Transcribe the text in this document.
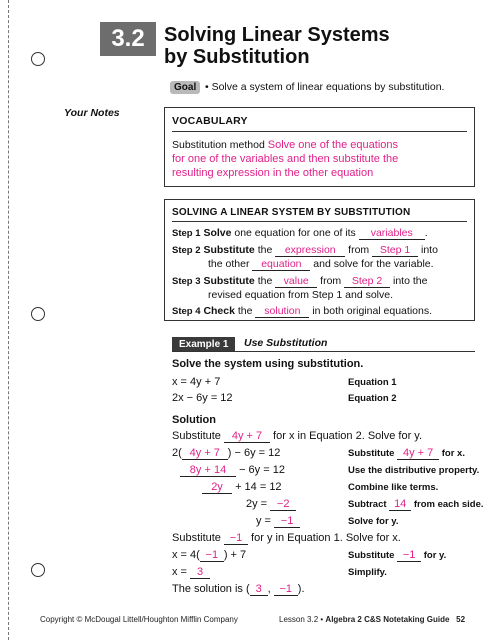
3.2 Solving Linear Systems
by Substitution
Goal • Solve a system of linear equations by substitution.
Your Notes
VOCABULARY
Substitution method Solve one of the equations
for one of the variables and then substitute the
resulting expression in the other equation
SOLVING A LINEAR SYSTEM BY SUBSTITUTION
Step 1 Solve one equation for one of its variables .
Step 2 Substitute the expression from Step 1 into
the other equation and solve for the variable.
Step 3 Substitute the value from Step 2 into the
revised equation from Step 1 and solve.
Step 4 Check the solution in both original equations.
Example 1	Use Substitution
Solve the system using substitution.
x = 4y + 7	Equation 1
2x − 6y = 12	Equation 2
Solution
Substitute 4y + 7 for x in Equation 2. Solve for y.
2( 4y + 7 ) − 6y = 12	Substitute 4y + 7 for x.
8y + 14 − 6y = 12	Use the distributive property.
2y + 14 = 12	Combine like terms.
2y = −2	Subtract 14 from each side.
y = −1	Solve for y.
Substitute −1 for y in Equation 1. Solve for x.
x = 4( −1 ) + 7	Substitute −1 for y.
x = 3	Simplify.
The solution is ( 3 , −1 ).
Copyright © McDougal Littell/Houghton Mifflin Company	Lesson 3.2 • Algebra 2 C&S Notetaking Guide 52
